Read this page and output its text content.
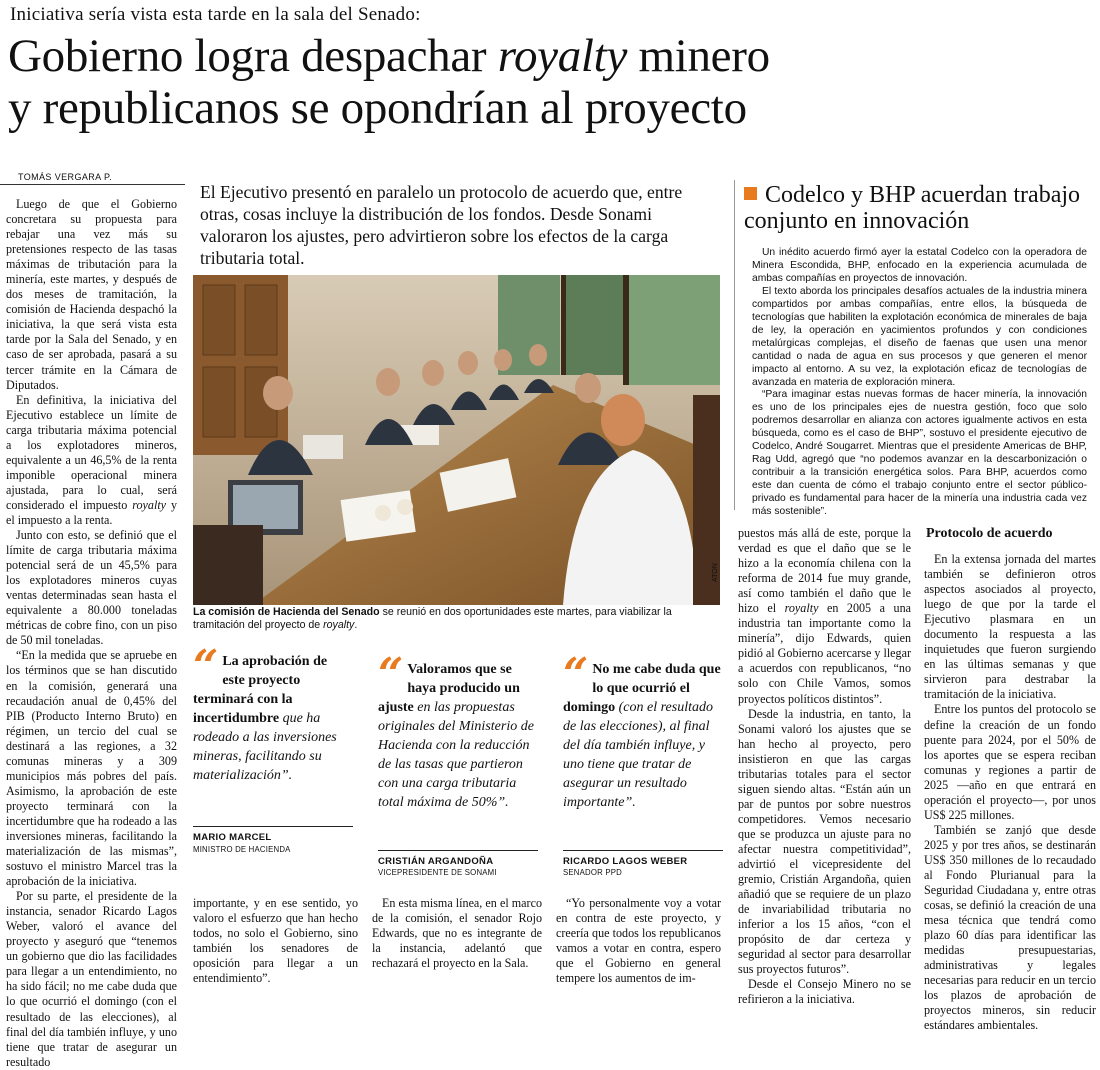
Iniciativa sería vista esta tarde en la sala del Senado:
Gobierno logra despachar royalty minero
y republicanos se opondrían al proyecto
TOMÁS VERGARA P.
El Ejecutivo presentó en paralelo un protocolo de acuerdo que, entre otras, cosas incluye la distribución de los fondos. Desde Sonami valoraron los ajustes, pero advirtieron sobre los efectos de la carga tributaria total.

Luego de que el Gobierno concretara su propuesta para rebajar una vez más su pretensiones respecto de las tasas máximas de tributación para la minería, este martes, y después de dos meses de tramitación, la comisión de Hacienda despachó la iniciativa, la que será vista esta tarde por la Sala del Senado, y en caso de ser aprobada, pasará a su tercer trámite en la Cámara de Diputados.

En definitiva, la iniciativa del Ejecutivo establece un límite de carga tributaria máxima potencial a los explotadores mineros, equivalente a un 46,5% de la renta imponible operacional minera ajustada, para lo cual, será considerado el impuesto royalty y el impuesto a la renta.

Junto con esto, se definió que el límite de carga tributaria máxima potencial será de un 45,5% para los explotadores mineros cuyas ventas determinadas sean hasta el equivalente a 80.000 toneladas métricas de cobre fino, con un piso de 50 mil toneladas.

“En la medida que se apruebe en los términos que se han discutido en la comisión, generará una recaudación anual de 0,45% del PIB (Producto Interno Bruto) en régimen, un tercio del cual se destinará a las regiones, a 32 comunas mineras y a 309 municipios más pobres del país. Asimismo, la aprobación de este proyecto terminará con la incertidumbre que ha rodeado a las inversiones mineras, facilitando la materialización de las mismas”, sostuvo el ministro Marcel tras la aprobación de la iniciativa.

Por su parte, el presidente de la instancia, senador Ricardo Lagos Weber, valoró el avance del proyecto y aseguró que “tenemos un gobierno que dio las facilidades para llegar a un entendimiento, no ha sido fácil; no me cabe duda que lo que ocurrió el domingo (con el resultado de las elecciones), al final del día también influye, y uno tiene que tratar de asegurar un resultado

ATON
La comisión de Hacienda del Senado se reunió en dos oportunidades este martes, para viabilizar la tramitación del proyecto de royalty.
“ La aprobación de este proyecto terminará con la incertidumbre que ha rodeado a las inversiones mineras, facilitando su materialización”.
MARIO MARCEL
MINISTRO DE HACIENDA
“ Valoramos que se haya producido un ajuste en las propuestas originales del Ministerio de Hacienda con la reducción de las tasas que partieron con una carga tributaria total máxima de 50%”.
CRISTIÁN ARGANDOÑA
VICEPRESIDENTE DE SONAMI
“ No me cabe duda que lo que ocurrió el domingo (con el resultado de las elecciones), al final del día también influye, y uno tiene que tratar de asegurar un resultado importante”.
RICARDO LAGOS WEBER
SENADOR PPD

importante, y en ese sentido, yo valoro el esfuerzo que han hecho todos, no solo el Gobierno, sino también los senadores de oposición para llegar a un entendimiento”.

En esta misma línea, en el marco de la comisión, el senador Rojo Edwards, que no es integrante de la instancia, adelantó que rechazará el proyecto en la Sala.

“Yo personalmente voy a votar en contra de este proyecto, y creería que todos los republicanos vamos a votar en contra, espero que el Gobierno en general tempere los aumentos de im-

puestos más allá de este, porque la verdad es que el daño que se le hizo a la economía chilena con la reforma de 2014 fue muy grande, así como también el daño que le hizo el royalty en 2005 a una industria tan importante como la minería”, dijo Edwards, quien pidió al Gobierno acercarse y llegar a acuerdos con republicanos, “no solo con Chile Vamos, somos proyectos políticos distintos”.

Desde la industria, en tanto, la Sonami valoró los ajustes que se han hecho al proyecto, pero insistieron en que las cargas tributarias totales para el sector siguen siendo altas. “Están aún un par de puntos por sobre nuestros competidores. Vemos necesario que se produzca un ajuste para no afectar nuestra competitividad”, advirtió el vicepresidente del gremio, Cristián Argandoña, quien añadió que se requiere de un plazo de invariabilidad tributaria no inferior a los 15 años, “con el propósito de dar certeza y seguridad al sector para desarrollar sus proyectos futuros”.

Desde el Consejo Minero no se refirieron a la iniciativa.

Protocolo de acuerdo

En la extensa jornada del martes también se definieron otros aspectos asociados al proyecto, luego de que por la tarde el Ejecutivo plasmara en un documento la respuesta a las inquietudes que fueron surgiendo en las últimas semanas y que sirvieron para destrabar la tramitación de la iniciativa.

Entre los puntos del protocolo se define la creación de un fondo puente para 2024, por el 50% de los aportes que se espera reciban comunas y regiones a partir de 2025 —año en que entrará en operación el proyecto—, por unos US$ 225 millones.

También se zanjó que desde 2025 y por tres años, se destinarán US$ 350 millones de lo recaudado al Fondo Plurianual para la Seguridad Ciudadana y, entre otras cosas, se definió la creación de una mesa técnica que tendrá como plazo 60 días para identificar las medidas presupuestarias, administrativas y legales necesarias para reducir en un tercio los plazos de aprobación de proyectos mineros, sin reducir estándares ambientales.

Codelco y BHP acuerdan trabajo conjunto en innovación

Un inédito acuerdo firmó ayer la estatal Codelco con la operadora de Minera Escondida, BHP, enfocado en la experiencia acumulada de ambas compañías en proyectos de innovación.

El texto aborda los principales desafíos actuales de la industria minera compartidos por ambas compañías, entre ellos, la búsqueda de tecnologías que habiliten la explotación económica de minerales de baja de ley, la operación en yacimientos profundos y con condiciones metalúrgicas complejas, el diseño de faenas que usen una menor cantidad o nada de agua en sus procesos y que generen el menor impacto al entorno. A su vez, la explotación eficaz de tecnologías de avanzada en materia de exploración minera.

“Para imaginar estas nuevas formas de hacer minería, la innovación es uno de los principales ejes de nuestra gestión, foco que solo podremos desarrollar en alianza con actores igualmente activos en esta búsqueda, como es el caso de BHP”, sostuvo el presidente ejecutivo de Codelco, André Sougarret. Mientras que el presidente Americas de BHP, Rag Udd, agregó que “no podemos avanzar en la descarbonización o contribuir a la transición energética solos. Para BHP, acuerdos como este dan cuenta de cómo el trabajo conjunto entre el sector público-privado es fundamental para hacer de la minería una industria cada vez más sostenible”.
